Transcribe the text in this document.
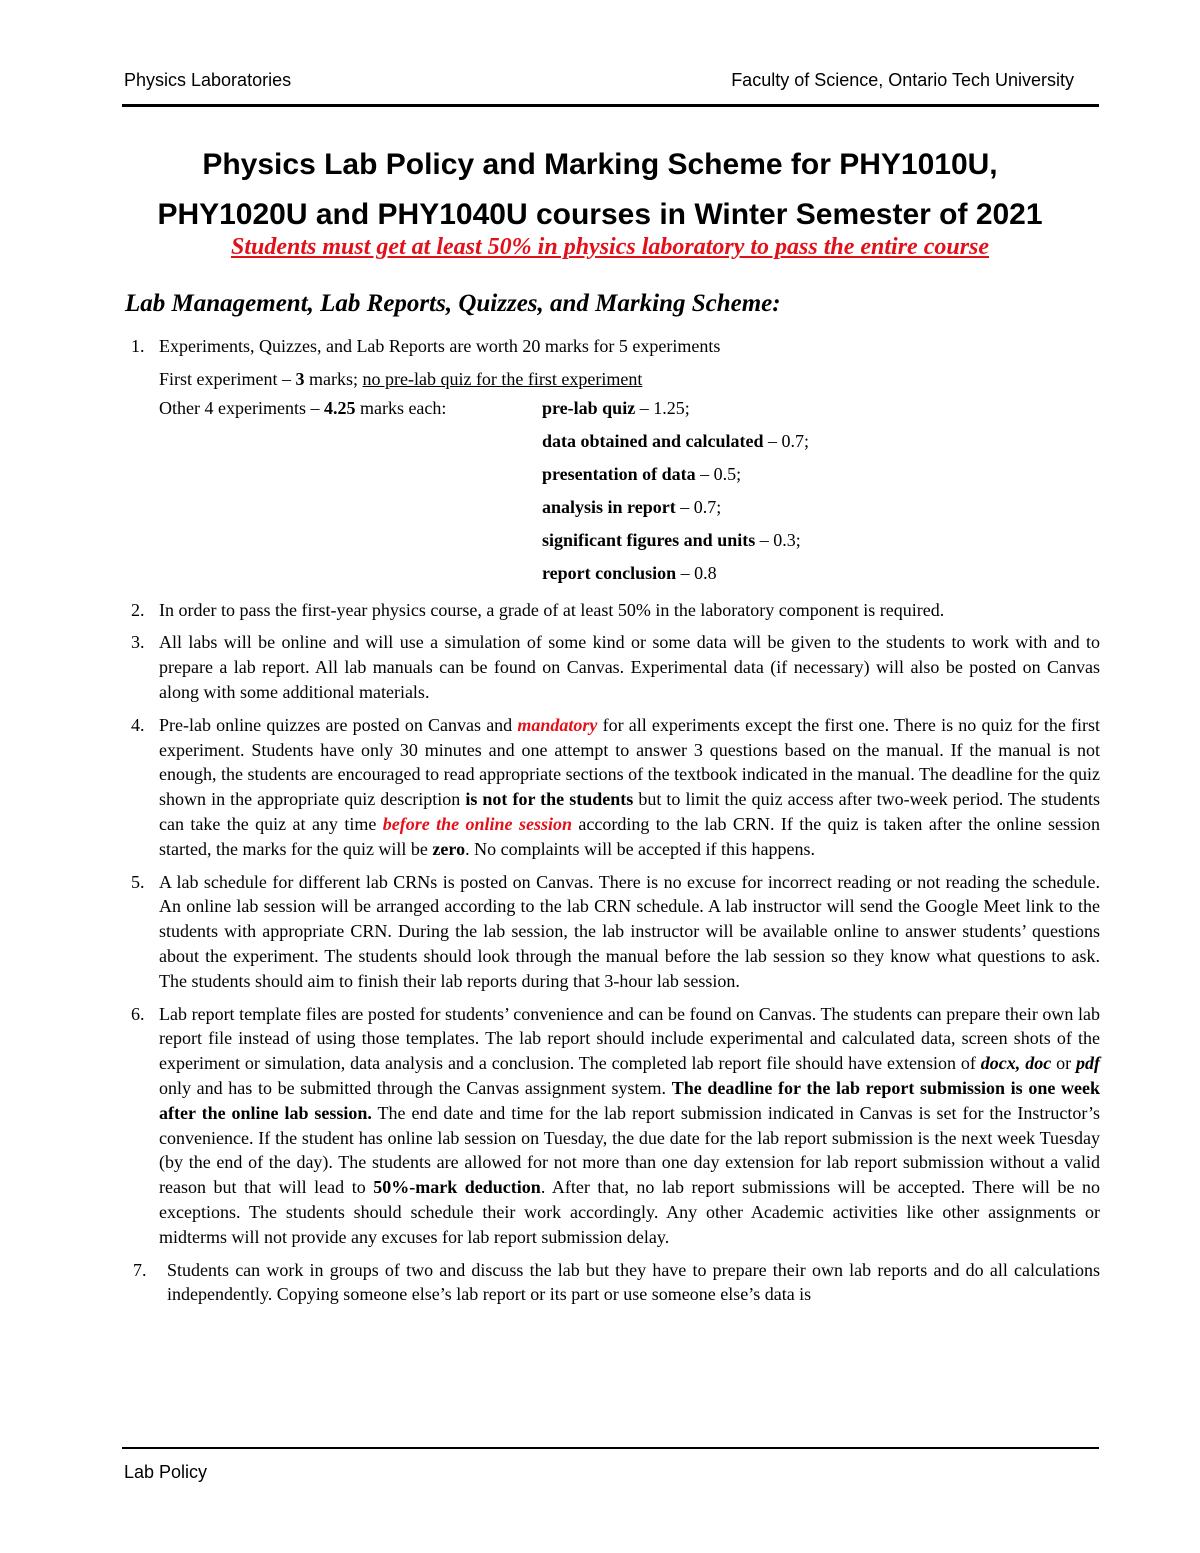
Physics Laboratories	Faculty of Science, Ontario Tech University
Physics Lab Policy and Marking Scheme for PHY1010U,
PHY1020U and PHY1040U courses in Winter Semester of 2021
Students must get at least 50% in physics laboratory to pass the entire course
Lab Management, Lab Reports, Quizzes, and Marking Scheme:
1. Experiments, Quizzes, and Lab Reports are worth 20 marks for 5 experiments
First experiment – 3 marks; no pre-lab quiz for the first experiment
Other 4 experiments – 4.25 marks each:	pre-lab quiz – 1.25;
data obtained and calculated – 0.7;
presentation of data – 0.5;
analysis in report – 0.7;
significant figures and units – 0.3;
report conclusion – 0.8
2. In order to pass the first-year physics course, a grade of at least 50% in the laboratory component is required.
3. All labs will be online and will use a simulation of some kind or some data will be given to the students to work with and to prepare a lab report. All lab manuals can be found on Canvas. Experimental data (if necessary) will also be posted on Canvas along with some additional materials.
4. Pre-lab online quizzes are posted on Canvas and mandatory for all experiments except the first one. There is no quiz for the first experiment. Students have only 30 minutes and one attempt to answer 3 questions based on the manual. If the manual is not enough, the students are encouraged to read appropriate sections of the textbook indicated in the manual. The deadline for the quiz shown in the appropriate quiz description is not for the students but to limit the quiz access after two-week period. The students can take the quiz at any time before the online session according to the lab CRN. If the quiz is taken after the online session started, the marks for the quiz will be zero. No complaints will be accepted if this happens.
5. A lab schedule for different lab CRNs is posted on Canvas. There is no excuse for incorrect reading or not reading the schedule. An online lab session will be arranged according to the lab CRN schedule. A lab instructor will send the Google Meet link to the students with appropriate CRN. During the lab session, the lab instructor will be available online to answer students’ questions about the experiment. The students should look through the manual before the lab session so they know what questions to ask. The students should aim to finish their lab reports during that 3-hour lab session.
6. Lab report template files are posted for students’ convenience and can be found on Canvas. The students can prepare their own lab report file instead of using those templates. The lab report should include experimental and calculated data, screen shots of the experiment or simulation, data analysis and a conclusion. The completed lab report file should have extension of docx, doc or pdf only and has to be submitted through the Canvas assignment system. The deadline for the lab report submission is one week after the online lab session. The end date and time for the lab report submission indicated in Canvas is set for the Instructor’s convenience. If the student has online lab session on Tuesday, the due date for the lab report submission is the next week Tuesday (by the end of the day). The students are allowed for not more than one day extension for lab report submission without a valid reason but that will lead to 50%-mark deduction. After that, no lab report submissions will be accepted. There will be no exceptions. The students should schedule their work accordingly. Any other Academic activities like other assignments or midterms will not provide any excuses for lab report submission delay.
7. Students can work in groups of two and discuss the lab but they have to prepare their own lab reports and do all calculations independently. Copying someone else’s lab report or its part or use someone else’s data is
Lab Policy
